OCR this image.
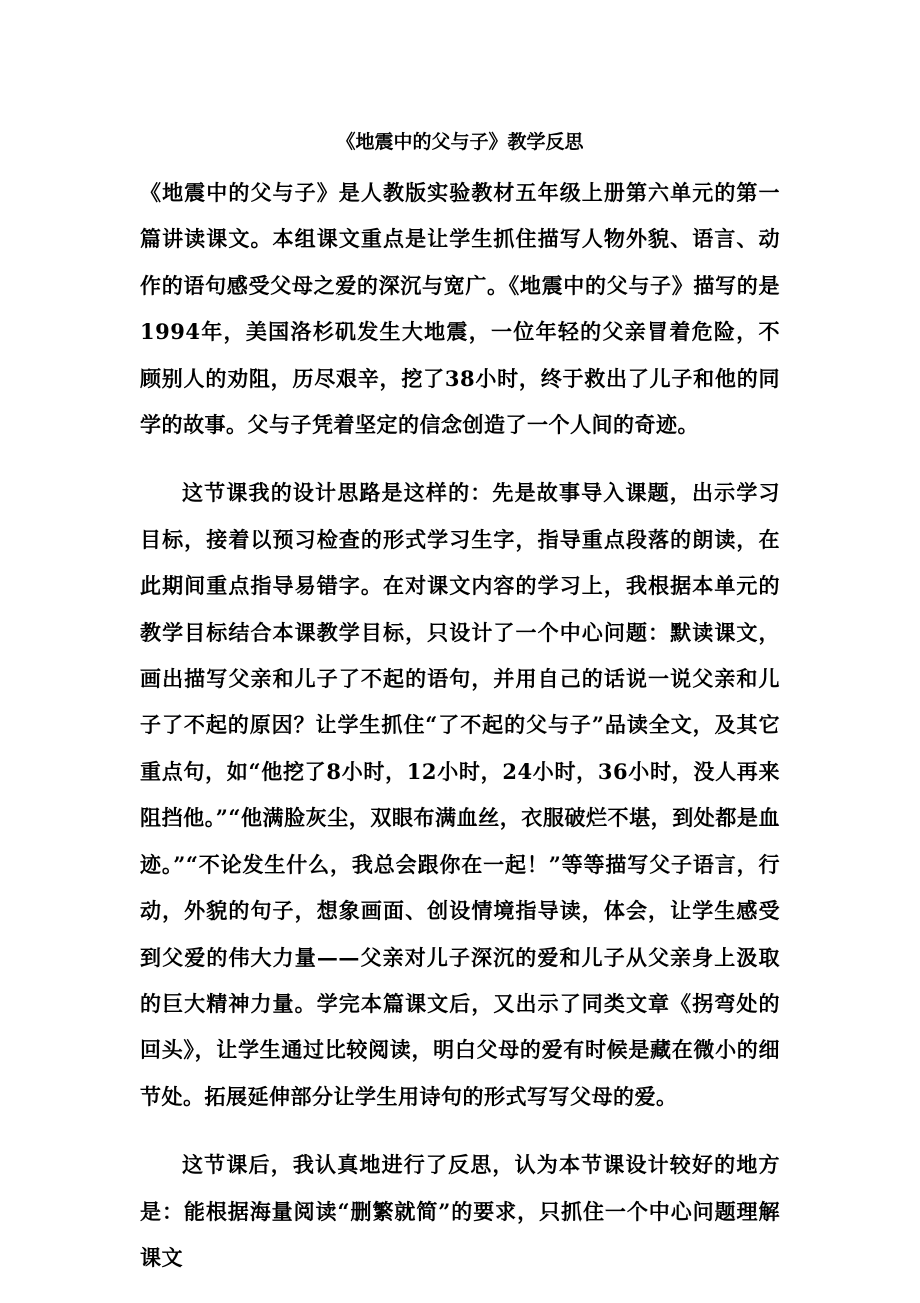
《地震中的父与子》教学反思

《地震中的父与子》是人教版实验教材五年级上册第六单元的第一篇讲读课文。本组课文重点是让学生抓住描写人物外貌、语言、动作的语句感受父母之爱的深沉与宽广。《地震中的父与子》描写的是1994年，美国洛杉矶发生大地震，一位年轻的父亲冒着危险，不顾别人的劝阻，历尽艰辛，挖了38小时，终于救出了儿子和他的同学的故事。父与子凭着坚定的信念创造了一个人间的奇迹。

这节课我的设计思路是这样的：先是故事导入课题，出示学习目标，接着以预习检查的形式学习生字，指导重点段落的朗读，在此期间重点指导易错字。在对课文内容的学习上，我根据本单元的教学目标结合本课教学目标，只设计了一个中心问题：默读课文，画出描写父亲和儿子了不起的语句，并用自己的话说一说父亲和儿子了不起的原因？让学生抓住“了不起的父与子”品读全文，及其它重点句，如“他挖了8小时，12小时，24小时，36小时，没人再来阻挡他。”“他满脸灰尘，双眼布满血丝，衣服破烂不堪，到处都是血迹。”“不论发生什么，我总会跟你在一起！”等等描写父子语言，行动，外貌的句子，想象画面、创设情境指导读，体会，让学生感受到父爱的伟大力量——父亲对儿子深沉的爱和儿子从父亲身上汲取的巨大精神力量。学完本篇课文后，又出示了同类文章《拐弯处的回头》，让学生通过比较阅读，明白父母的爱有时候是藏在微小的细节处。拓展延伸部分让学生用诗句的形式写写父母的爱。

这节课后，我认真地进行了反思，认为本节课设计较好的地方是：能根据海量阅读“删繁就简”的要求，只抓住一个中心问题理解课文
